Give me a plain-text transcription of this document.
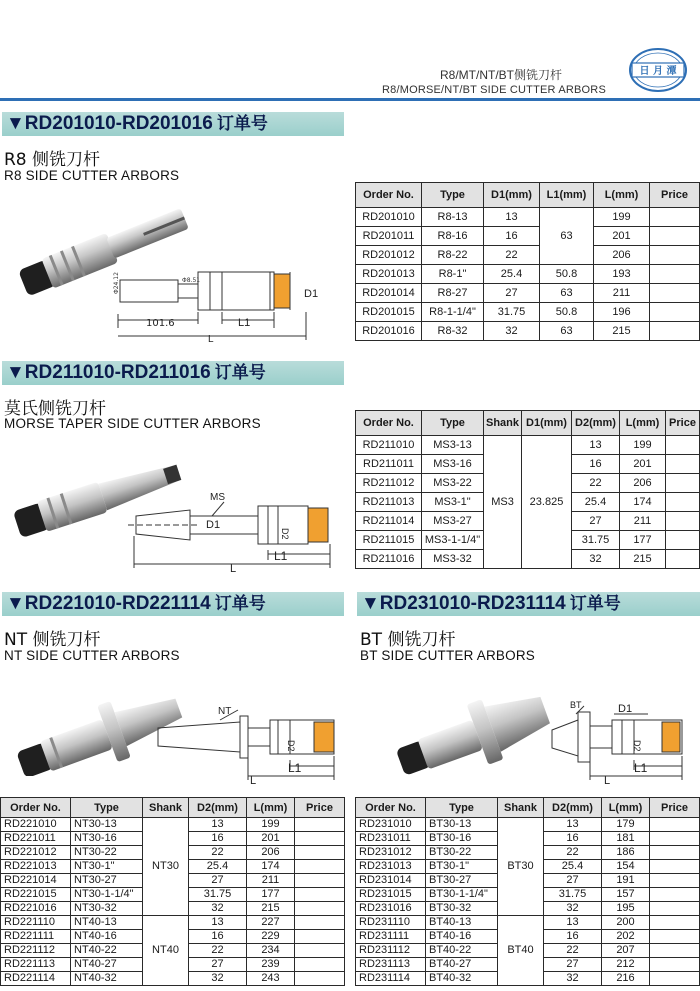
R8/MT/NT/BT侧铣刀杆
R8/MORSE/NT/BT SIDE CUTTER ARBORS
日 月 潭
▼RD201010-RD201016 订单号
R8 侧铣刀杆
R8 SIDE CUTTER ARBORS
Φ24.12	Φ8.51
101.6	L1
L
D1
Order No.	Type	D1(mm)	L1(mm)	L(mm)	Price
RD201010	R8-13	13	63	199	
RD201011	R8-16	16		201	
RD201012	R8-22	22		206	
RD201013	R8-1"	25.4	50.8	193	
RD201014	R8-27	27	63	211	
RD201015	R8-1-1/4"	31.75	50.8	196	
RD201016	R8-32	32	63	215	
▼RD211010-RD211016 订单号
莫氏侧铣刀杆
MORSE TAPER SIDE CUTTER ARBORS
MS
D1
D2
L1
L
Order No.	Type	Shank	D1(mm)	D2(mm)	L(mm)	Price
RD211010	MS3-13	MS3	23.825	13	199	
RD211011	MS3-16			16	201	
RD211012	MS3-22			22	206	
RD211013	MS3-1"			25.4	174	
RD211014	MS3-27			27	211	
RD211015	MS3-1-1/4"			31.75	177	
RD211016	MS3-32			32	215	
▼RD221010-RD221114 订单号
NT 侧铣刀杆
NT SIDE CUTTER ARBORS
NT
D2
L1
L
Order No.	Type	Shank	D2(mm)	L(mm)	Price
RD221010	NT30-13	NT30	13	199	
RD221011	NT30-16		16	201	
RD221012	NT30-22		22	206	
RD221013	NT30-1"		25.4	174	
RD221014	NT30-27		27	211	
RD221015	NT30-1-1/4"		31.75	177	
RD221016	NT30-32		32	215	
RD221110	NT40-13	NT40	13	227	
RD221111	NT40-16		16	229	
RD221112	NT40-22		22	234	
RD221113	NT40-27		27	239	
RD221114	NT40-32		32	243	
▼RD231010-RD231114 订单号
BT 侧铣刀杆
BT SIDE CUTTER ARBORS
BT	D1
D2
L1
L
Order No.	Type	Shank	D2(mm)	L(mm)	Price
RD231010	BT30-13	BT30	13	179	
RD231011	BT30-16		16	181	
RD231012	BT30-22		22	186	
RD231013	BT30-1"		25.4	154	
RD231014	BT30-27		27	191	
RD231015	BT30-1-1/4"		31.75	157	
RD231016	BT30-32		32	195	
RD231110	BT40-13	BT40	13	200	
RD231111	BT40-16		16	202	
RD231112	BT40-22		22	207	
RD231113	BT40-27		27	212	
RD231114	BT40-32		32	216	
